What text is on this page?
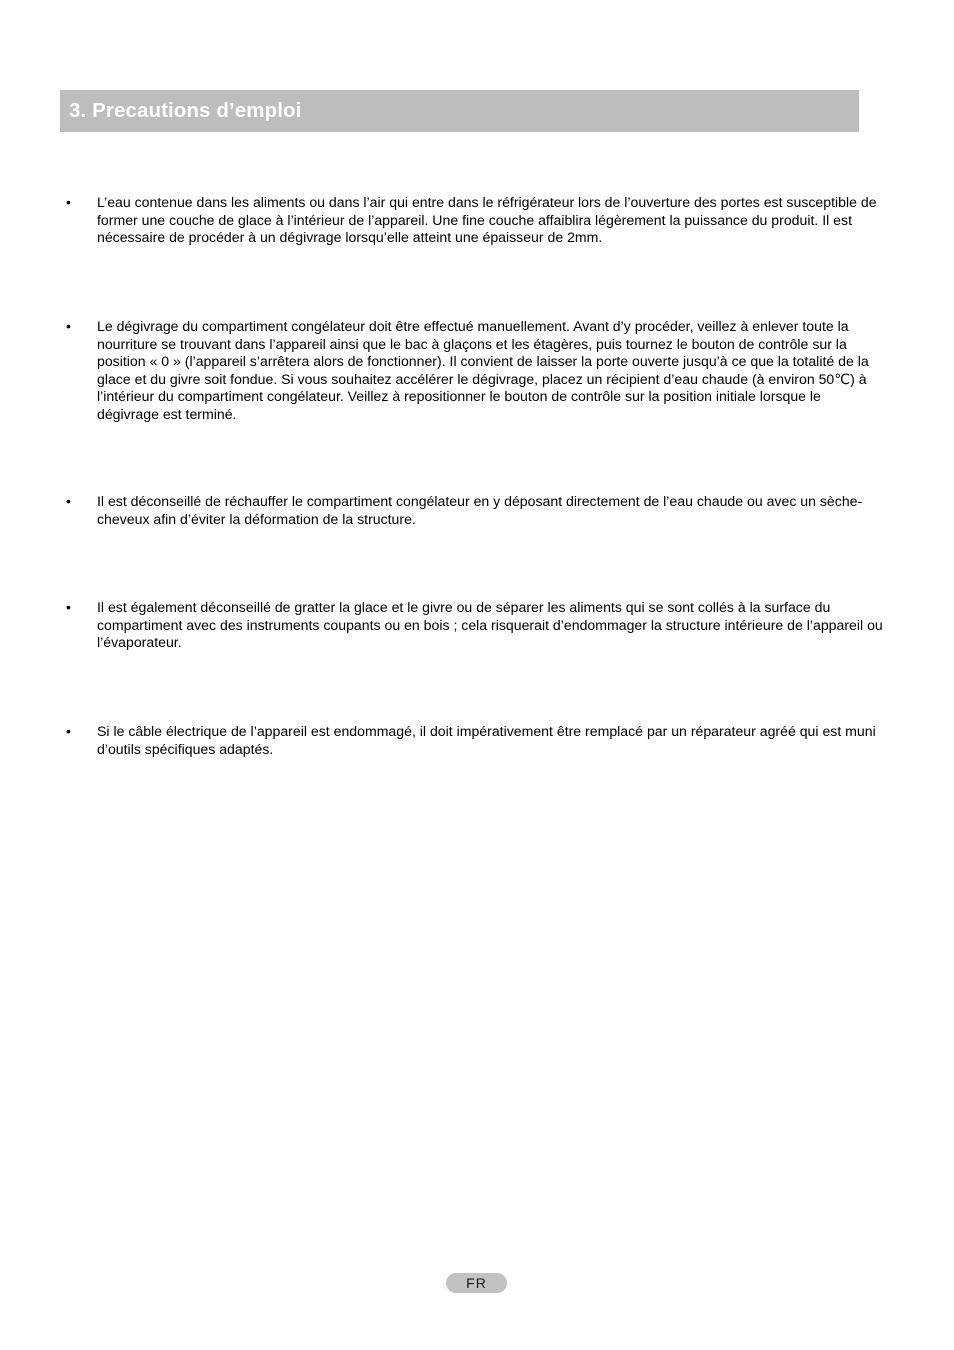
3. Precautions d’emploi
• L’eau contenue dans les aliments ou dans l’air qui entre dans le réfrigérateur lors de l’ouverture des portes est susceptible de former une couche de glace à l’intérieur de l’appareil. Une fine couche affaiblira légèrement la puissance du produit. Il est nécessaire de procéder à un dégivrage lorsqu’elle atteint une épaisseur de 2mm.
• Le dégivrage du compartiment congélateur doit être effectué manuellement. Avant d’y procéder, veillez à enlever toute la nourriture se trouvant dans l’appareil ainsi que le bac à glaçons et les étagères, puis tournez le bouton de contrôle sur la position « 0 » (l’appareil s’arrêtera alors de fonctionner). Il convient de laisser la porte ouverte jusqu’à ce que la totalité de la glace et du givre soit fondue. Si vous souhaitez accélérer le dégivrage, placez un récipient d’eau chaude (à environ 50℃) à l’intérieur du compartiment congélateur. Veillez à repositionner le bouton de contrôle sur la position initiale lorsque le dégivrage est terminé.
• Il est déconseillé de réchauffer le compartiment congélateur en y déposant directement de l’eau chaude ou avec un sèche-cheveux afin d’éviter la déformation de la structure.
• Il est également déconseillé de gratter la glace et le givre ou de séparer les aliments qui se sont collés à la surface du compartiment avec des instruments coupants ou en bois ; cela risquerait d’endommager la structure intérieure de l’appareil ou l’évaporateur.
• Si le câble électrique de l’appareil est endommagé, il doit impérativement être remplacé par un réparateur agréé qui est muni d’outils spécifiques adaptés.
FR
